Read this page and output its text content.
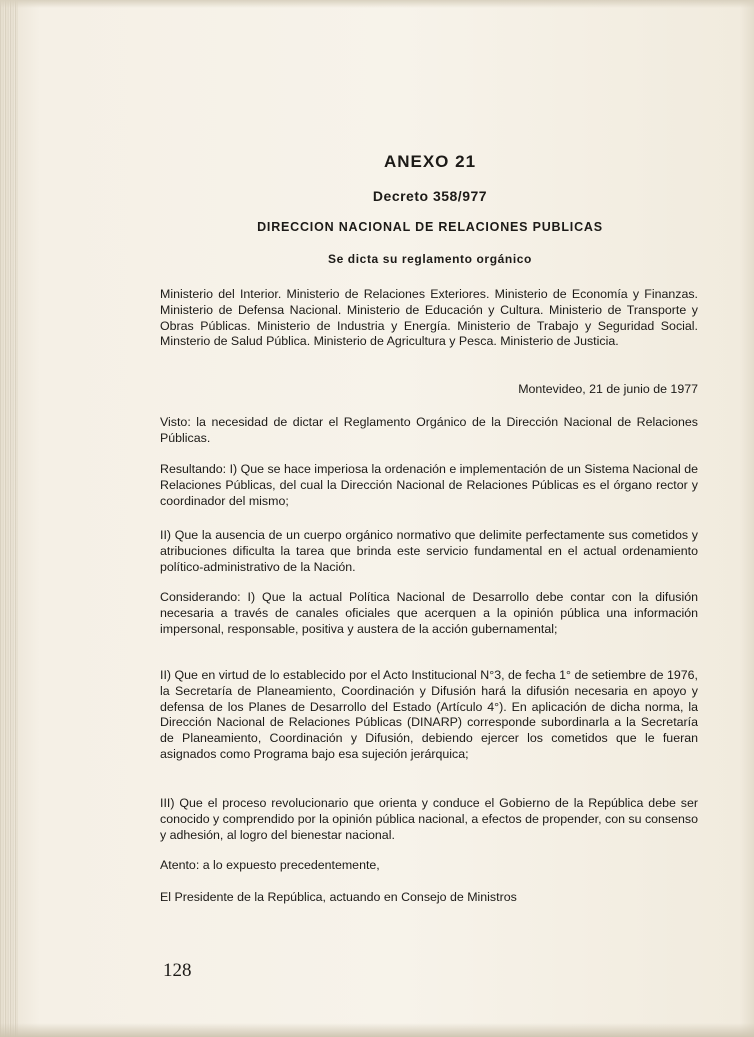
ANEXO 21
Decreto 358/977
DIRECCION NACIONAL DE RELACIONES PUBLICAS
Se dicta su reglamento orgánico
Ministerio del Interior. Ministerio de Relaciones Exteriores. Ministerio de Economía y Finanzas. Ministerio de Defensa Nacional. Ministerio de Educación y Cultura. Ministerio de Transporte y Obras Públicas. Ministerio de Industria y Energía. Ministerio de Trabajo y Seguridad Social. Minsterio de Salud Pública. Ministerio de Agricultura y Pesca. Ministerio de Justicia.
Montevideo, 21 de junio de 1977
Visto: la necesidad de dictar el Reglamento Orgánico de la Dirección Nacional de Relaciones Públicas.
Resultando: I) Que se hace imperiosa la ordenación e implementación de un Sistema Nacional de Relaciones Públicas, del cual la Dirección Nacional de Relaciones Públicas es el órgano rector y coordinador del mismo;
II) Que la ausencia de un cuerpo orgánico normativo que delimite perfectamente sus cometidos y atribuciones dificulta la tarea que brinda este servicio fundamental en el actual ordenamiento político-administrativo de la Nación.
Considerando: I) Que la actual Política Nacional de Desarrollo debe contar con la difusión necesaria a través de canales oficiales que acerquen a la opinión pública una información impersonal, responsable, positiva y austera de la acción gubernamental;
II) Que en virtud de lo establecido por el Acto Institucional N°3, de fecha 1° de setiembre de 1976, la Secretaría de Planeamiento, Coordinación y Difusión hará la difusión necesaria en apoyo y defensa de los Planes de Desarrollo del Estado (Artículo 4°). En aplicación de dicha norma, la Dirección Nacional de Relaciones Públicas (DINARP) corresponde subordinarla a la Secretaría de Planeamiento, Coordinación y Difusión, debiendo ejercer los cometidos que le fueran asignados como Programa bajo esa sujeción jerárquica;
III) Que el proceso revolucionario que orienta y conduce el Gobierno de la República debe ser conocido y comprendido por la opinión pública nacional, a efectos de propender, con su consenso y adhesión, al logro del bienestar nacional.
Atento: a lo expuesto precedentemente,
El Presidente de la República, actuando en Consejo de Ministros
128
